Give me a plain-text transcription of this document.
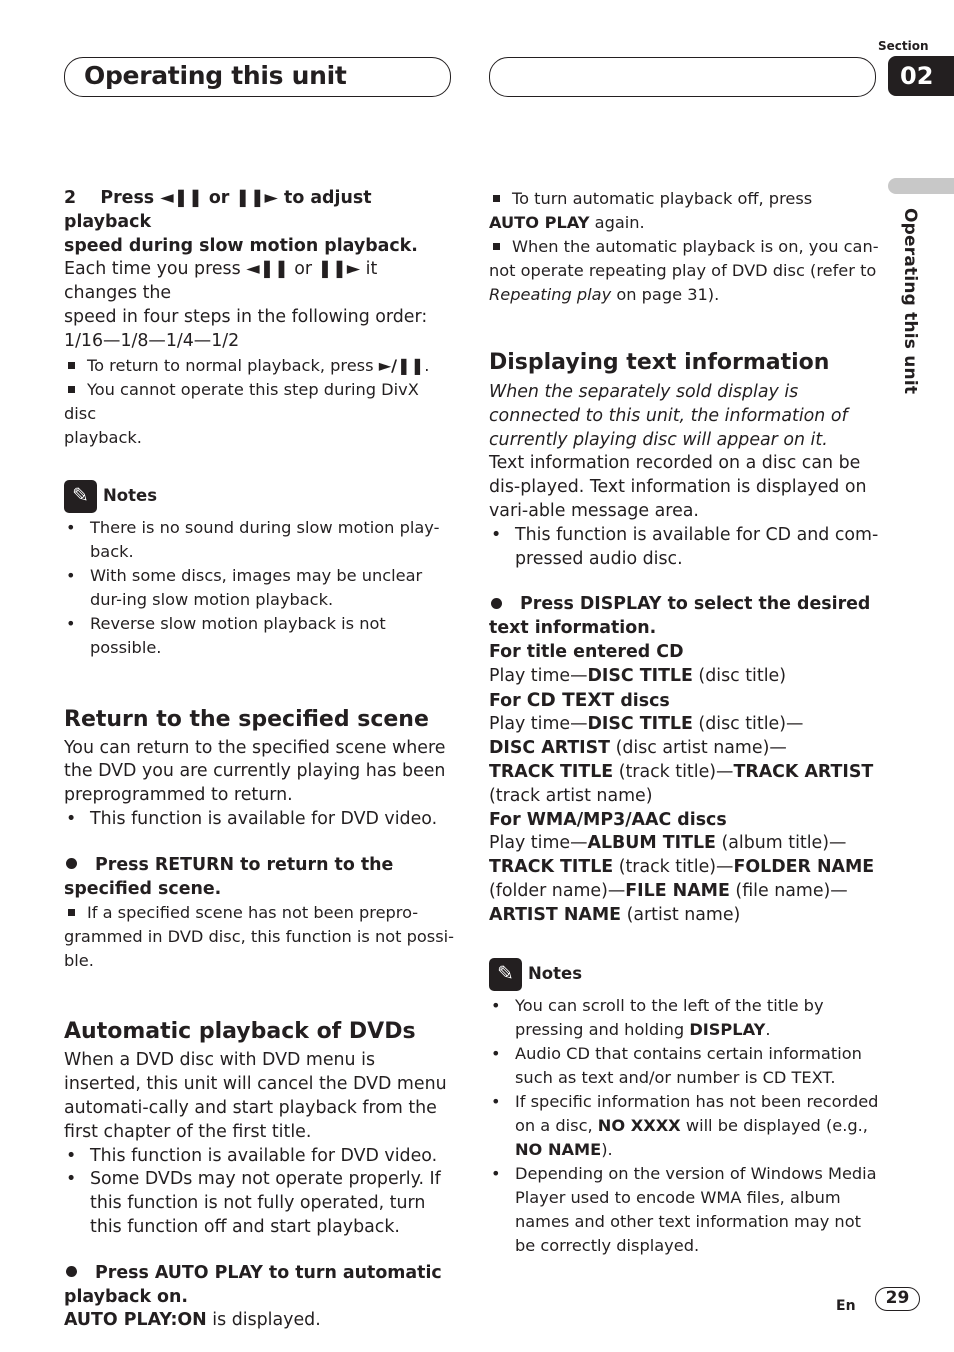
Operating this unit
Section
02
Operating this unit

2 Press ◄❚❚ or ❚❚► to adjust playback
speed during slow motion playback.

Each time you press ◄❚❚ or ❚❚► it changes the
speed in four steps in the following order:
1/16—1/8—1/4—1/2

To return to normal playback, press ►/❚❚.

You cannot operate this step during DivX disc
playback.

✎ Notes
• There is no sound during slow motion play-back.
• With some discs, images may be unclear dur-ing slow motion playback.
• Reverse slow motion playback is not possible.
Return to the specified scene

You can return to the specified scene where the DVD you are currently playing has been preprogrammed to return.

• This function is available for DVD video.

Press RETURN to return to the specified scene.

If a specified scene has not been prepro-grammed in DVD disc, this function is not possi-ble.

Automatic playback of DVDs

When a DVD disc with DVD menu is inserted, this unit will cancel the DVD menu automati-cally and start playback from the first chapter of the first title.

• This function is available for DVD video.
• Some DVDs may not operate properly. If this function is not fully operated, turn this function off and start playback.

Press AUTO PLAY to turn automatic playback on.

AUTO PLAY:ON is displayed.

To turn automatic playback off, press
AUTO PLAY again.

When the automatic playback is on, you can-
not operate repeating play of DVD disc (refer to
Repeating play on page 31).

Displaying text information

When the separately sold display is connected to this unit, the information of currently playing disc will appear on it.

Text information recorded on a disc can be dis-played. Text information is displayed on vari-able message area.

• This function is available for CD and com-pressed audio disc.

Press DISPLAY to select the desired text information.

For title entered CD

Play time—DISC TITLE (disc title)

For CD TEXT discs

Play time—DISC TITLE (disc title)—
DISC ARTIST (disc artist name)—
TRACK TITLE (track title)—TRACK ARTIST
(track artist name)

For WMA/MP3/AAC discs

Play time—ALBUM TITLE (album title)—
TRACK TITLE (track title)—FOLDER NAME
(folder name)—FILE NAME (file name)—
ARTIST NAME (artist name)

✎ Notes
• You can scroll to the left of the title by pressing and holding DISPLAY.
• Audio CD that contains certain information such as text and/or number is CD TEXT.
• If specific information has not been recorded on a disc, NO XXXX will be displayed (e.g., NO NAME).
• Depending on the version of Windows Media Player used to encode WMA files, album names and other text information may not be correctly displayed.
En	29
